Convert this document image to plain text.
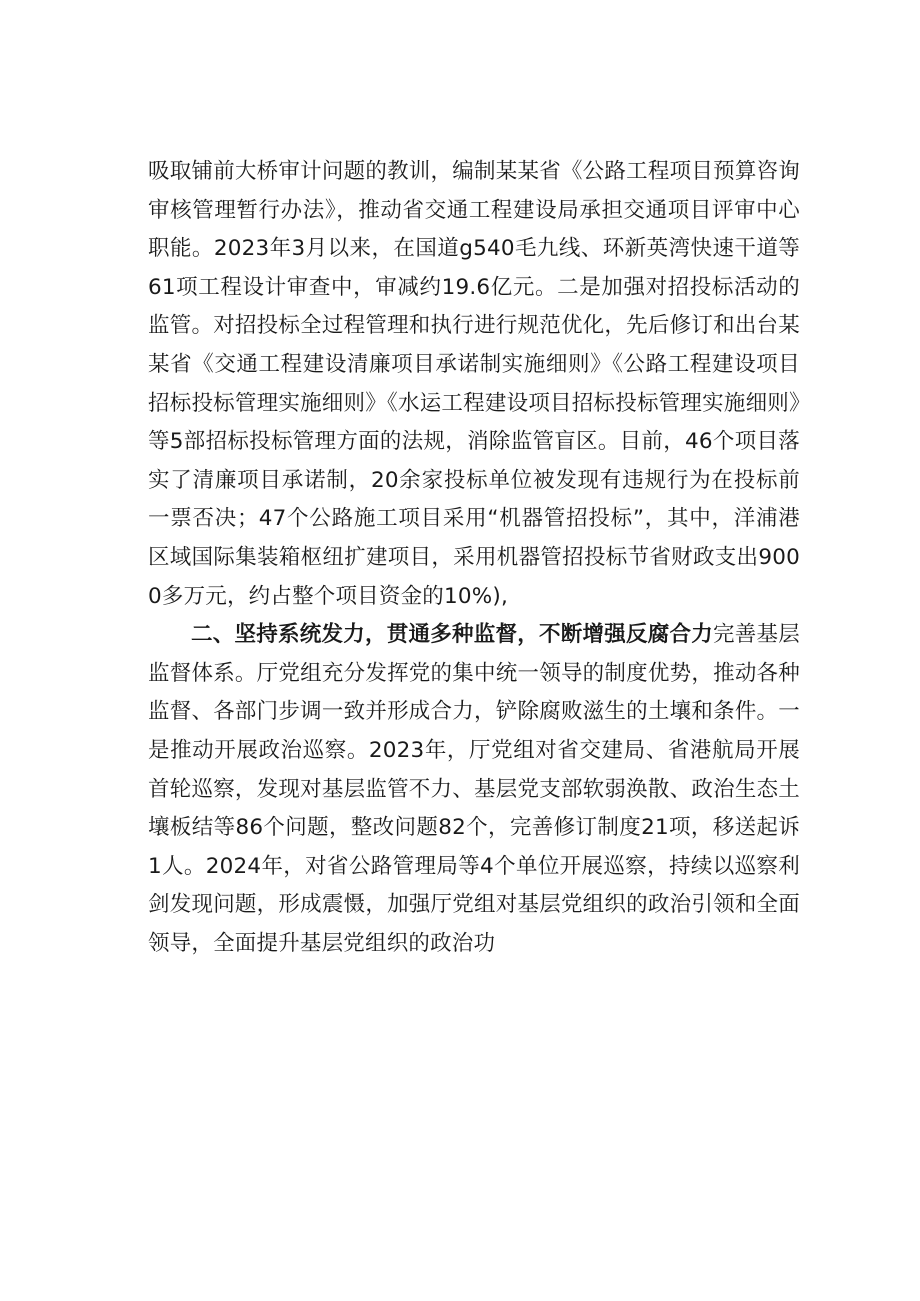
吸取铺前大桥审计问题的教训，编制某某省《公路工程项目预算咨询审核管理暂行办法》，推动省交通工程建设局承担交通项目评审中心职能。2023年3月以来，在国道g540毛九线、环新英湾快速干道等61项工程设计审查中，审减约19.6亿元。二是加强对招投标活动的监管。对招投标全过程管理和执行进行规范优化，先后修订和出台某某省《交通工程建设清廉项目承诺制实施细则》《公路工程建设项目招标投标管理实施细则》《水运工程建设项目招标投标管理实施细则》等5部招标投标管理方面的法规，消除监管盲区。目前，46个项目落实了清廉项目承诺制，20余家投标单位被发现有违规行为在投标前一票否决；47个公路施工项目采用“机器管招投标”，其中，洋浦港区域国际集装箱枢纽扩建项目，采用机器管招投标节省财政支出9000多万元，约占整个项目资金的10%),

二、坚持系统发力，贯通多种监督，不断增强反腐合力完善基层监督体系。厅党组充分发挥党的集中统一领导的制度优势，推动各种监督、各部门步调一致并形成合力，铲除腐败滋生的土壤和条件。一是推动开展政治巡察。2023年，厅党组对省交建局、省港航局开展首轮巡察，发现对基层监管不力、基层党支部软弱涣散、政治生态土壤板结等86个问题，整改问题82个，完善修订制度21项，移送起诉1人。2024年，对省公路管理局等4个单位开展巡察，持续以巡察利剑发现问题，形成震慑，加强厅党组对基层党组织的政治引领和全面领导，全面提升基层党组织的政治功
